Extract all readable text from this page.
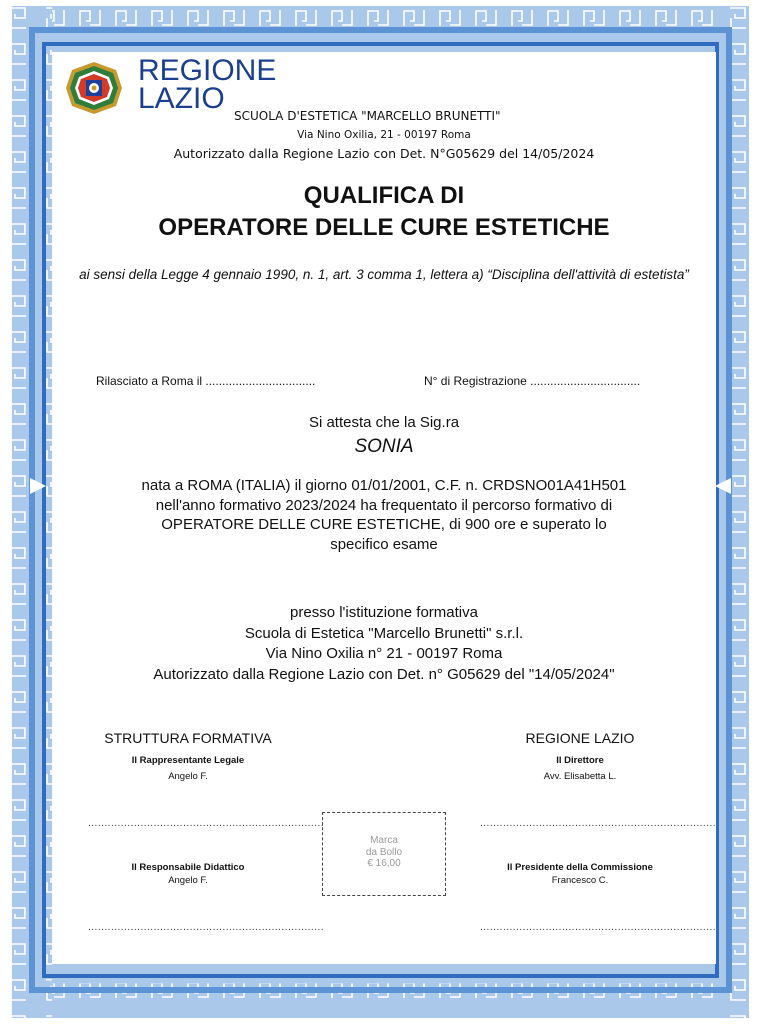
REGIONE
LAZIO
SCUOLA D'ESTETICA "MARCELLO BRUNETTI"
Via Nino Oxilia, 21 - 00197 Roma
Autorizzato dalla Regione Lazio con Det. N°G05629 del 14/05/2024
QUALIFICA DI
OPERATORE DELLE CURE ESTETICHE
ai sensi della Legge 4 gennaio 1990, n. 1, art. 3 comma 1, lettera a) “Disciplina dell'attività di estetista”
Rilasciato a Roma il .................................	N° di Registrazione .................................
Si attesta che la Sig.ra
SONIA
nata a ROMA (ITALIA) il giorno 01/01/2001, C.F. n. CRDSNO01A41H501
nell'anno formativo 2023/2024 ha frequentato il percorso formativo di
OPERATORE DELLE CURE ESTETICHE, di 900 ore e superato lo
specifico esame
presso l'istituzione formativa
Scuola di Estetica "Marcello Brunetti" s.r.l.
Via Nino Oxilia n° 21 - 00197 Roma
Autorizzato dalla Regione Lazio con Det. n° G05629 del "14/05/2024"
STRUTTURA FORMATIVA
Il Rappresentante Legale
Angelo F.
........................................................................
Il Responsabile Didattico
Angelo F.
........................................................................
Marca
da Bollo
€ 16,00
REGIONE LAZIO
Il Direttore
Avv. Elisabetta L.
........................................................................
Il Presidente della Commissione
Francesco C.
........................................................................
